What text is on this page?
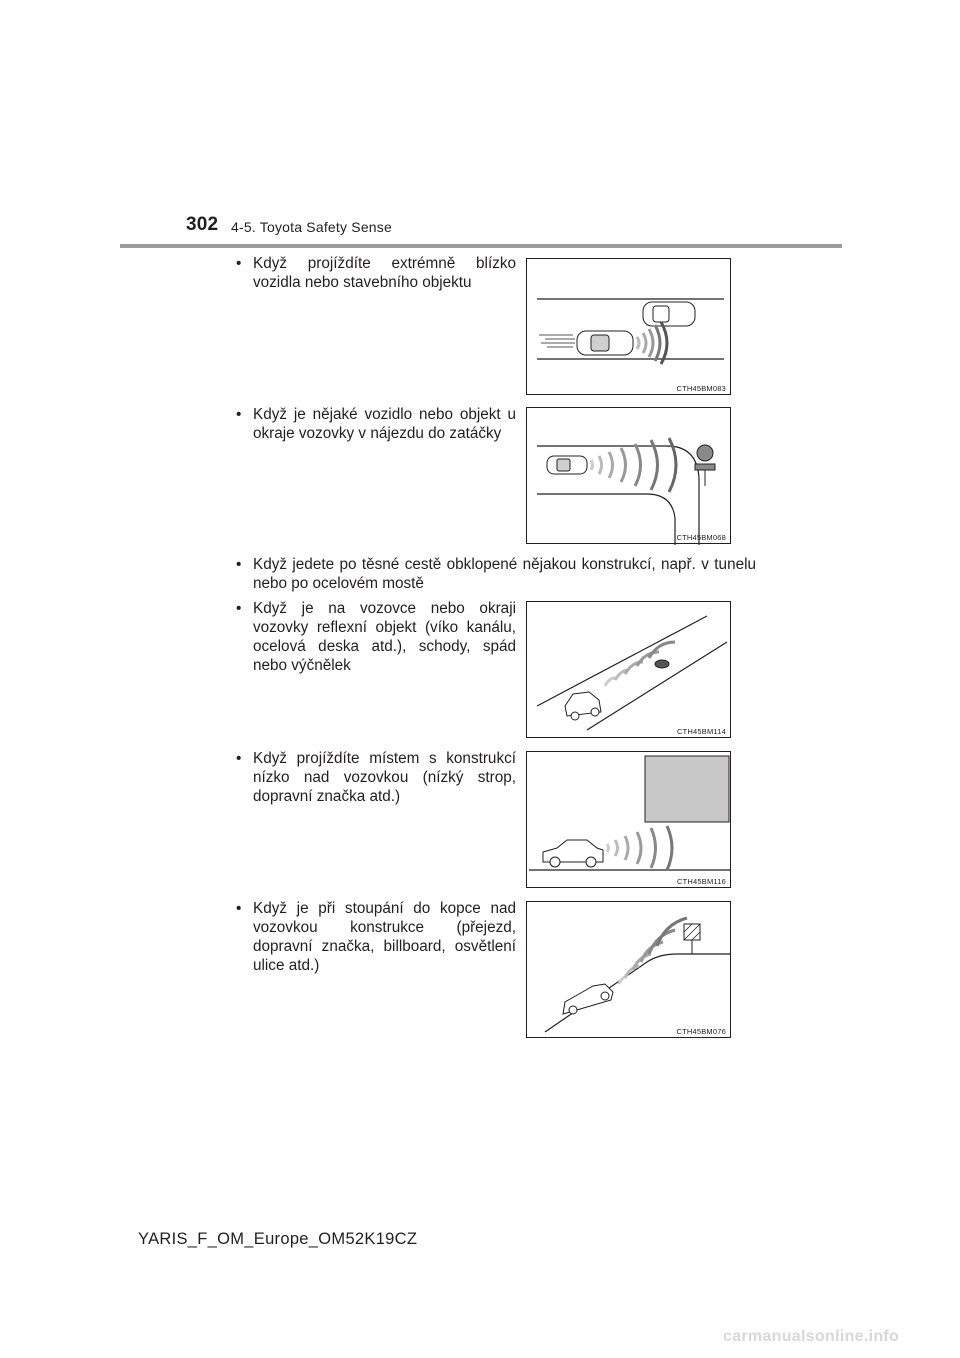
302 4-5. Toyota Safety Sense
• Když projíždíte extrémně blízko vozidla nebo stavebního objektu
CTH45BM083
• Když je nějaké vozidlo nebo objekt u okraje vozovky v nájezdu do zatáčky
CTH45BM068
• Když jedete po těsné cestě obklopené nějakou konstrukcí, např. v tunelu nebo po ocelovém mostě
• Když je na vozovce nebo okraji vozovky reflexní objekt (víko kanálu, ocelová deska atd.), schody, spád nebo výčnělek
CTH45BM114
• Když projíždíte místem s konstrukcí nízko nad vozovkou (nízký strop, dopravní značka atd.)
CTH45BM116
• Když je při stoupání do kopce nad vozovkou konstrukce (přejezd, dopravní značka, billboard, osvětlení ulice atd.)
CTH45BM076
YARIS_F_OM_Europe_OM52K19CZ
carmanualsonline.info
